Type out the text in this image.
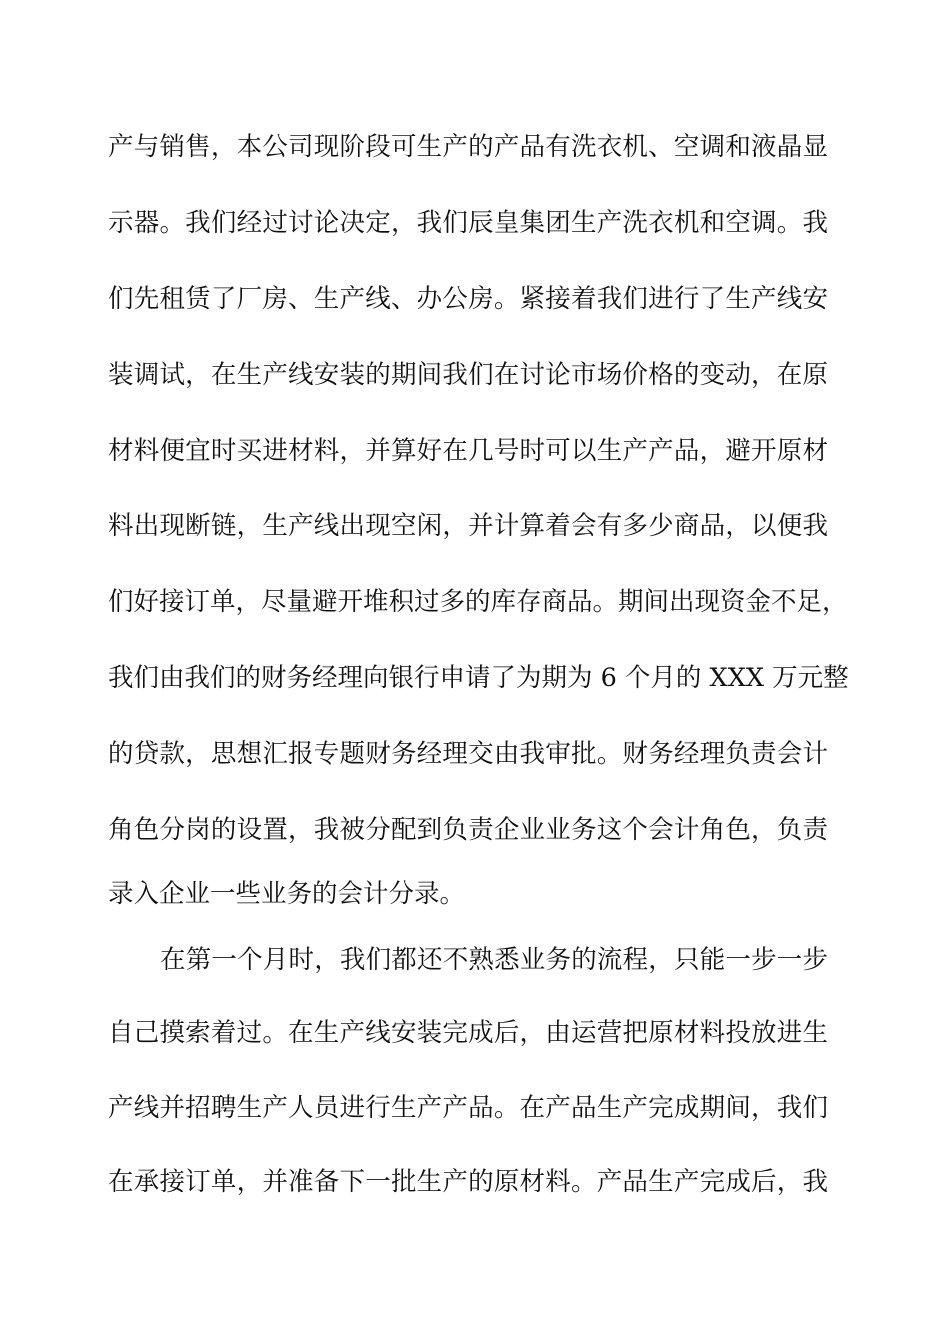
产与销售，本公司现阶段可生产的产品有洗衣机、空调和液晶显
示器。我们经过讨论决定，我们辰皇集团生产洗衣机和空调。我
们先租赁了厂房、生产线、办公房。紧接着我们进行了生产线安
装调试，在生产线安装的期间我们在讨论市场价格的变动，在原
材料便宜时买进材料，并算好在几号时可以生产产品，避开原材
料出现断链，生产线出现空闲，并计算着会有多少商品，以便我
们好接订单，尽量避开堆积过多的库存商品。期间出现资金不足，
我们由我们的财务经理向银行申请了为期为 6 个月的 XXX 万元整
的贷款，思想汇报专题财务经理交由我审批。财务经理负责会计
角色分岗的设置，我被分配到负责企业业务这个会计角色，负责
录入企业一些业务的会计分录。
在第一个月时，我们都还不熟悉业务的流程，只能一步一步
自己摸索着过。在生产线安装完成后，由运营把原材料投放进生
产线并招聘生产人员进行生产产品。在产品生产完成期间，我们
在承接订单，并准备下一批生产的原材料。产品生产完成后，我
